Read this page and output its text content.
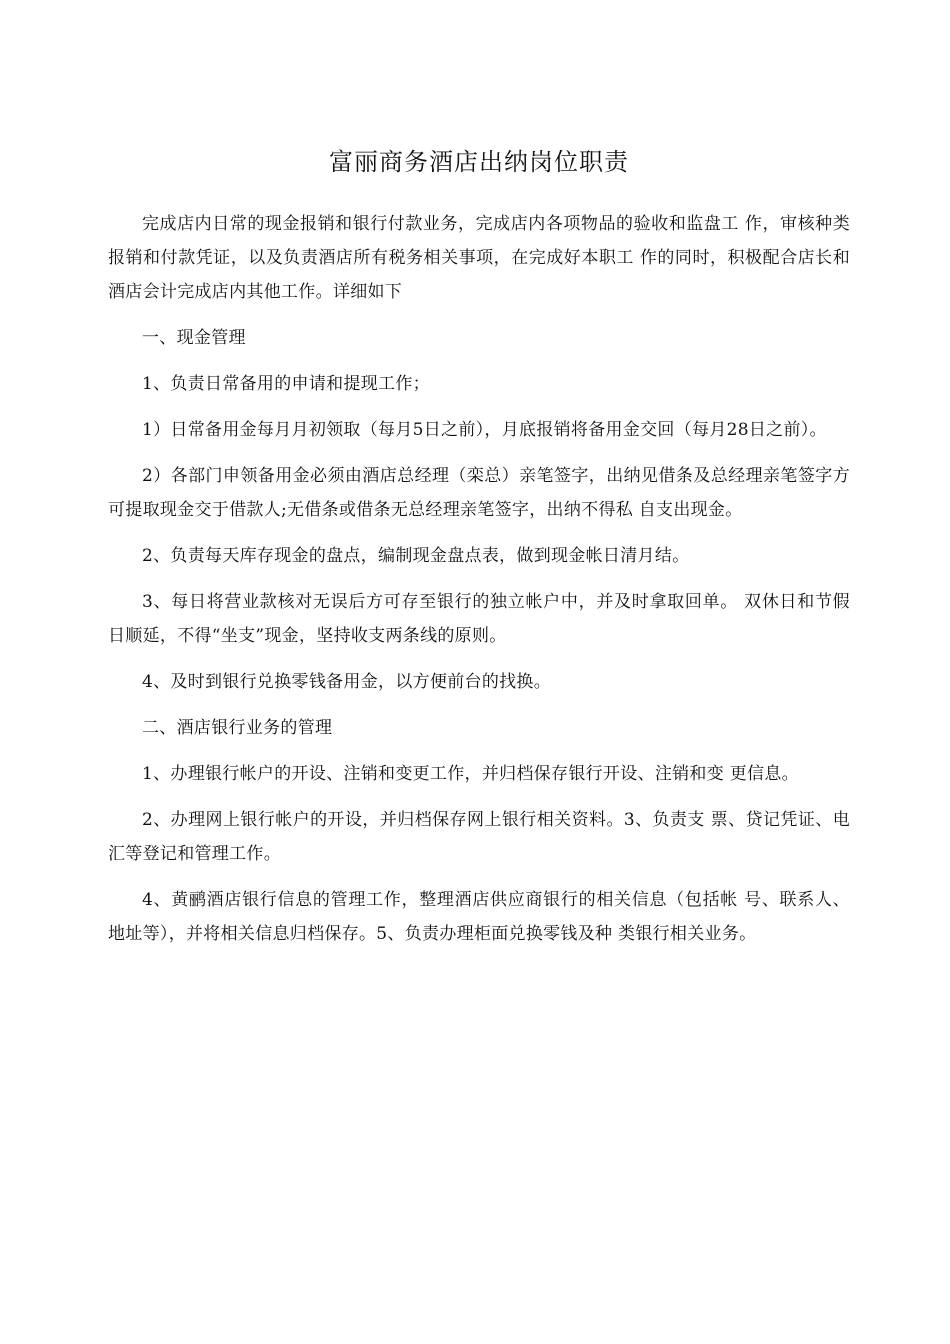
富丽商务酒店出纳岗位职责

完成店内日常的现金报销和银行付款业务，完成店内各项物品的验收和监盘工 作，审核种类报销和付款凭证，以及负责酒店所有税务相关事项，在完成好本职工 作的同时，积极配合店长和酒店会计完成店内其他工作。详细如下

一、现金管理

1、负责日常备用的申请和提现工作；

1）日常备用金每月月初领取（每月5日之前），月底报销将备用金交回（每月28日之前）。

2）各部门申领备用金必须由酒店总经理（栾总）亲笔签字，出纳见借条及总经理亲笔签字方可提取现金交于借款人;无借条或借条无总经理亲笔签字，出纳不得私 自支出现金。

2、负责每天库存现金的盘点，编制现金盘点表，做到现金帐日清月结。

3、每日将营业款核对无误后方可存至银行的独立帐户中，并及时拿取回单。 双休日和节假日顺延，不得“坐支”现金，坚持收支两条线的原则。

4、及时到银行兑换零钱备用金，以方便前台的找换。

二、酒店银行业务的管理

1、办理银行帐户的开设、注销和变更工作，并归档保存银行开设、注销和变 更信息。

2、办理网上银行帐户的开设，并归档保存网上银行相关资料。3、负责支 票、贷记凭证、电汇等登记和管理工作。

4、黄鹂酒店银行信息的管理工作，整理酒店供应商银行的相关信息（包括帐 号、联系人、地址等），并将相关信息归档保存。5、负责办理柜面兑换零钱及种 类银行相关业务。
